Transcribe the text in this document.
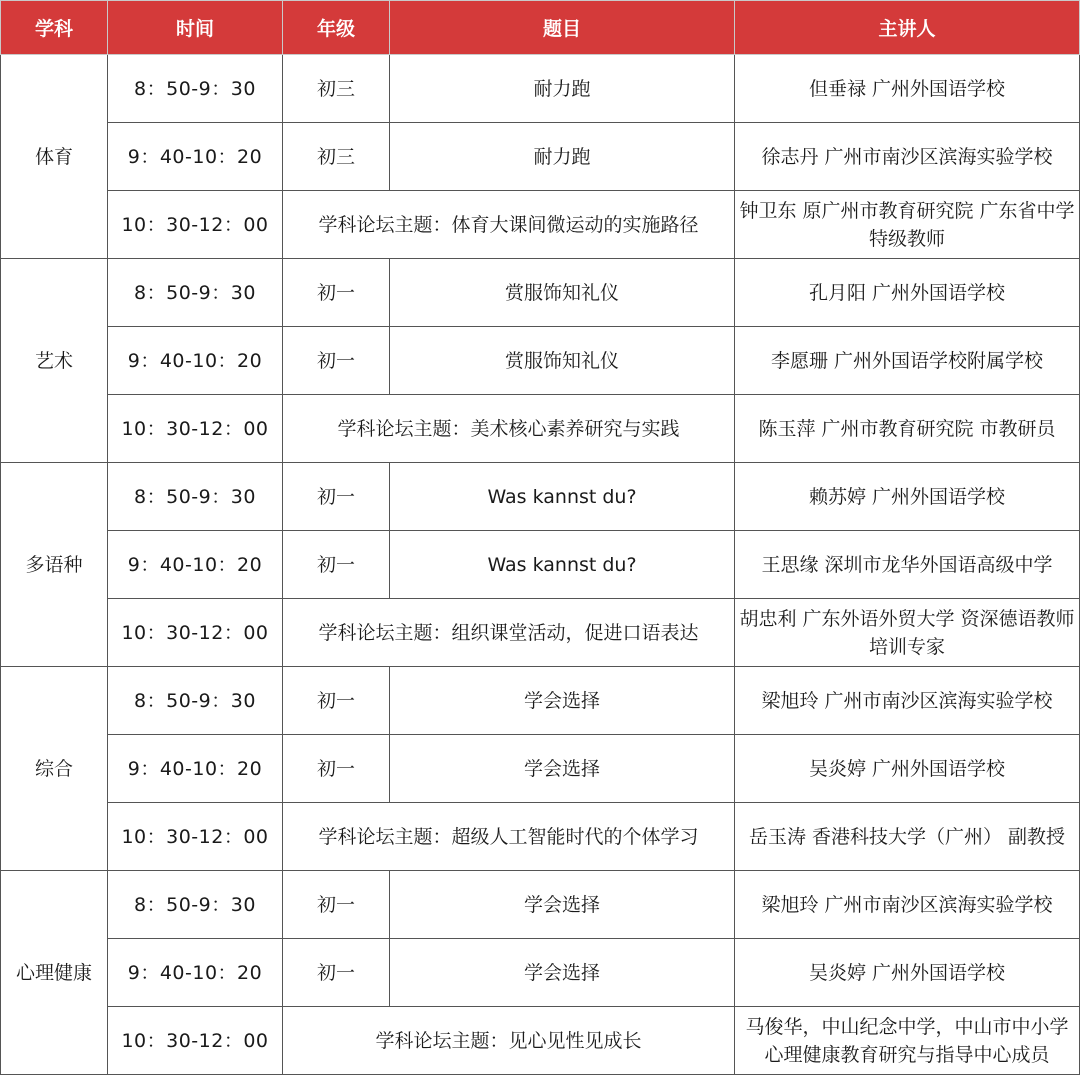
学科	时间	年级	题目	主讲人
体育	8：50-9：30	初三	耐力跑	但垂禄 广州外国语学校
	9：40-10：20	初三	耐力跑	徐志丹 广州市南沙区滨海实验学校
	10：30-12：00	学科论坛主题：体育大课间微运动的实施路径		钟卫东 原广州市教育研究院 广东省中学特级教师
艺术	8：50-9：30	初一	赏服饰知礼仪	孔月阳 广州外国语学校
	9：40-10：20	初一	赏服饰知礼仪	李愿珊 广州外国语学校附属学校
	10：30-12：00	学科论坛主题：美术核心素养研究与实践		陈玉萍 广州市教育研究院 市教研员
多语种	8：50-9：30	初一	Was kannst du?	赖苏婷 广州外国语学校
	9：40-10：20	初一	Was kannst du?	王思缘 深圳市龙华外国语高级中学
	10：30-12：00	学科论坛主题：组织课堂活动，促进口语表达		胡忠利 广东外语外贸大学 资深德语教师培训专家
综合	8：50-9：30	初一	学会选择	梁旭玲 广州市南沙区滨海实验学校
	9：40-10：20	初一	学会选择	吴炎婷 广州外国语学校
	10：30-12：00	学科论坛主题：超级人工智能时代的个体学习		岳玉涛 香港科技大学（广州） 副教授
心理健康	8：50-9：30	初一	学会选择	梁旭玲 广州市南沙区滨海实验学校
	9：40-10：20	初一	学会选择	吴炎婷 广州外国语学校
	10：30-12：00	学科论坛主题：见心见性见成长		马俊华，中山纪念中学，中山市中小学心理健康教育研究与指导中心成员
